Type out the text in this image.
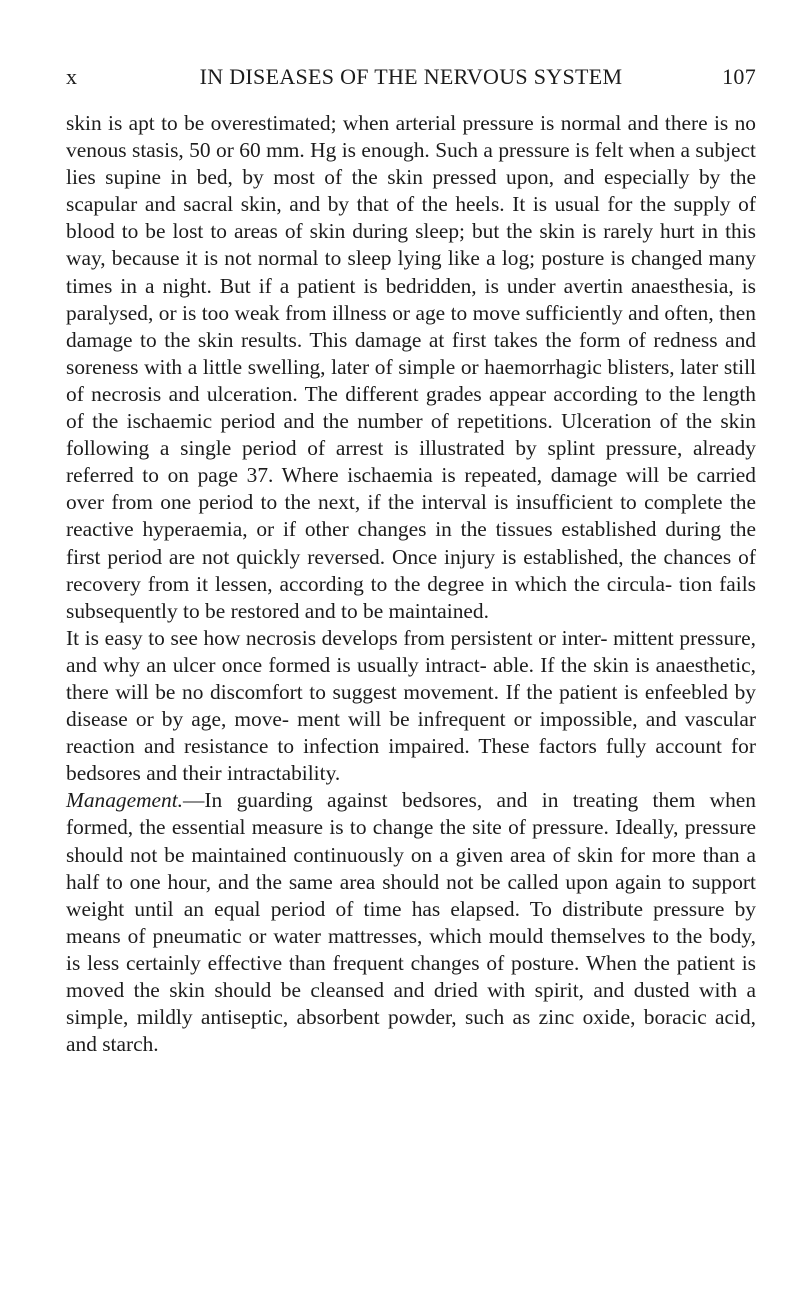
x	IN DISEASES OF THE NERVOUS SYSTEM	107

skin is apt to be overestimated; when arterial pressure is normal and there is no venous stasis, 50 or 60 mm. Hg is enough. Such a pressure is felt when a subject lies supine in bed, by most of the skin pressed upon, and especially by the scapular and sacral skin, and by that of the heels. It is usual for the supply of blood to be lost to areas of skin during sleep; but the skin is rarely hurt in this way, because it is not normal to sleep lying like a log; posture is changed many times in a night. But if a patient is bedridden, is under avertin anaesthesia, is paralysed, or is too weak from illness or age to move sufficiently and often, then damage to the skin results. This damage at first takes the form of redness and soreness with a little swelling, later of simple or haemorrhagic blisters, later still of necrosis and ulceration. The different grades appear according to the length of the ischaemic period and the number of repetitions. Ulceration of the skin following a single period of arrest is illustrated by splint pressure, already referred to on page 37. Where ischaemia is repeated, damage will be carried over from one period to the next, if the interval is insufficient to complete the reactive hyperaemia, or if other changes in the tissues established during the first period are not quickly reversed. Once injury is established, the chances of recovery from it lessen, according to the degree in which the circula- tion fails subsequently to be restored and to be maintained.

It is easy to see how necrosis develops from persistent or inter- mittent pressure, and why an ulcer once formed is usually intract- able. If the skin is anaesthetic, there will be no discomfort to suggest movement. If the patient is enfeebled by disease or by age, move- ment will be infrequent or impossible, and vascular reaction and resistance to infection impaired. These factors fully account for bedsores and their intractability.

Management.—In guarding against bedsores, and in treating them when formed, the essential measure is to change the site of pressure. Ideally, pressure should not be maintained continuously on a given area of skin for more than a half to one hour, and the same area should not be called upon again to support weight until an equal period of time has elapsed. To distribute pressure by means of pneumatic or water mattresses, which mould themselves to the body, is less certainly effective than frequent changes of posture. When the patient is moved the skin should be cleansed and dried with spirit, and dusted with a simple, mildly antiseptic, absorbent powder, such as zinc oxide, boracic acid, and starch.
